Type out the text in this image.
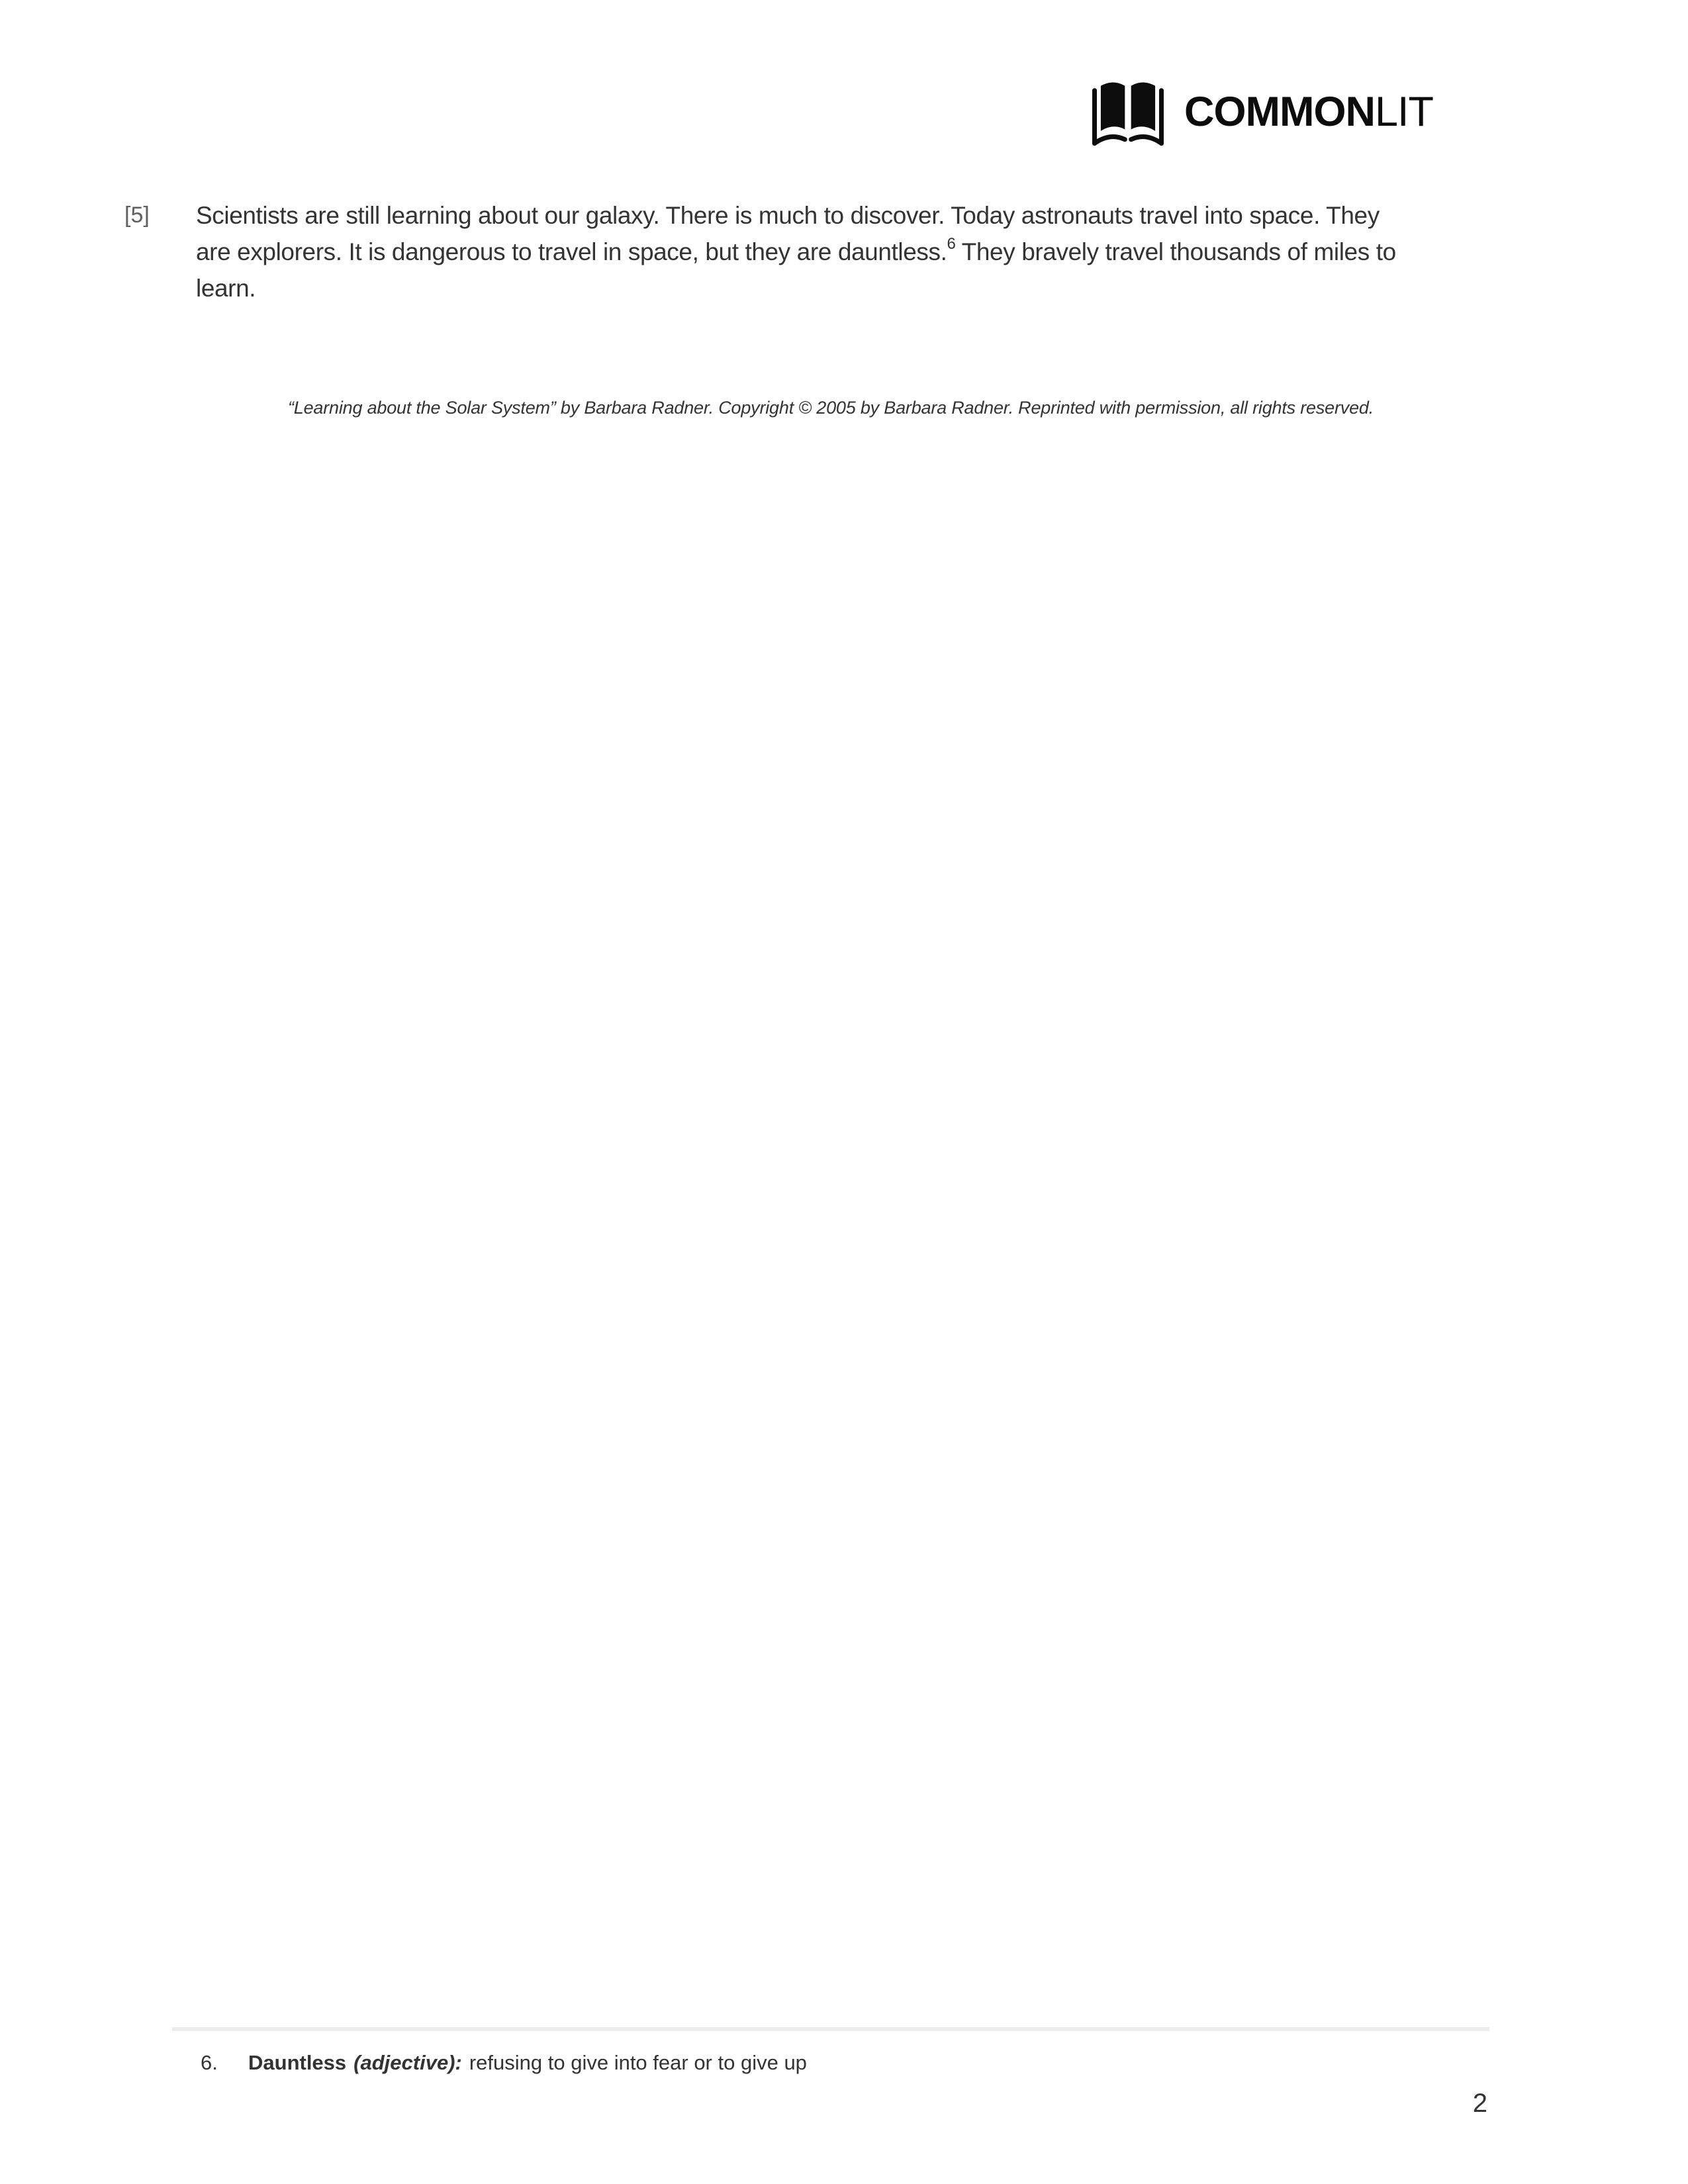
COMMONLIT
[5]	Scientists are still learning about our galaxy. There is much to discover. Today astronauts travel into space. They are explorers. It is dangerous to travel in space, but they are dauntless.$^6$ They bravely travel thousands of miles to learn.
“Learning about the Solar System” by Barbara Radner. Copyright © 2005 by Barbara Radner. Reprinted with permission, all rights reserved.
6.	Dauntless (adjective): refusing to give into fear or to give up
2
